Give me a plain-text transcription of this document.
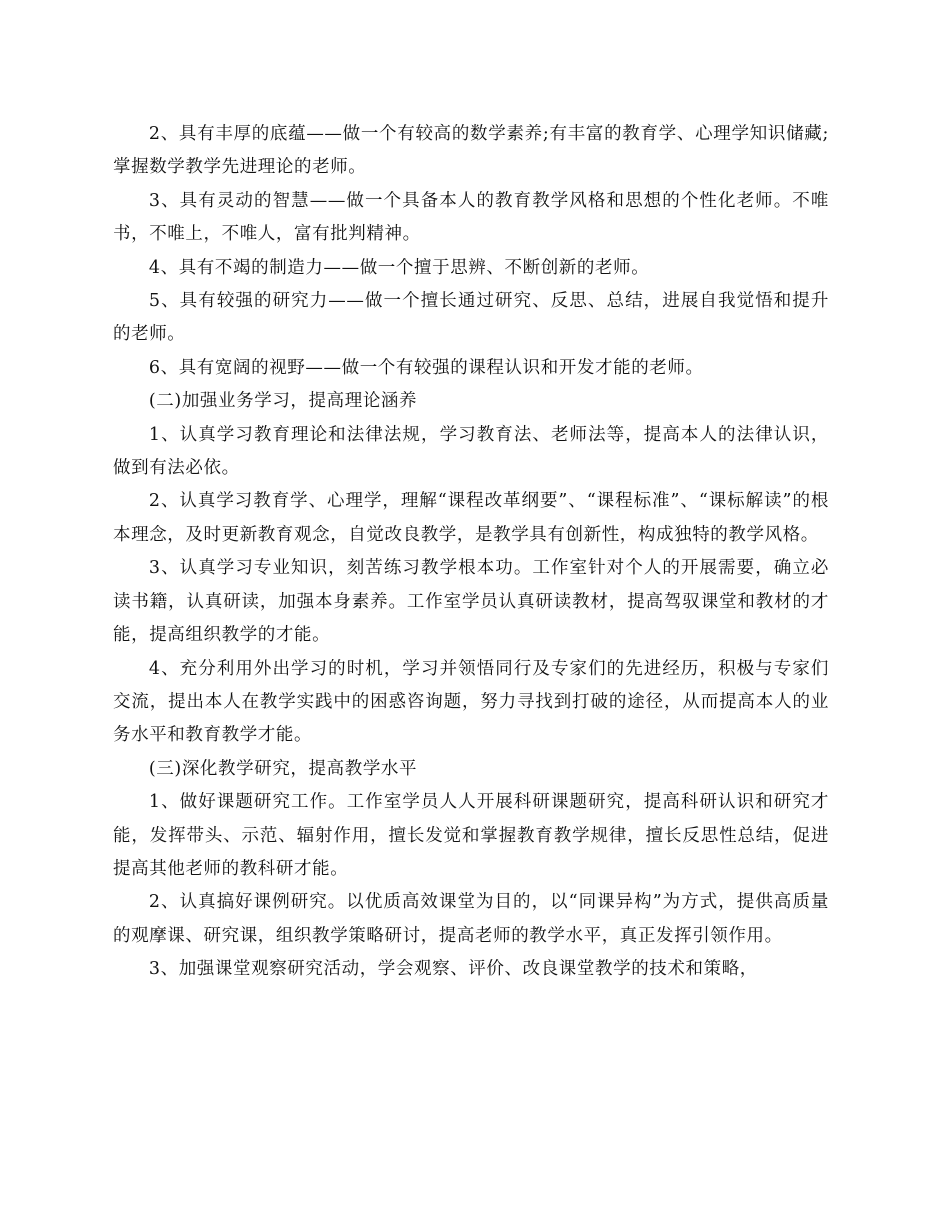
2、具有丰厚的底蕴——做一个有较高的数学素养;有丰富的教育学、心理学知识储藏;掌握数学教学先进理论的老师。

3、具有灵动的智慧——做一个具备本人的教育教学风格和思想的个性化老师。不唯书，不唯上，不唯人，富有批判精神。

4、具有不竭的制造力——做一个擅于思辨、不断创新的老师。

5、具有较强的研究力——做一个擅长通过研究、反思、总结，进展自我觉悟和提升的老师。

6、具有宽阔的视野——做一个有较强的课程认识和开发才能的老师。

(二)加强业务学习，提高理论涵养

1、认真学习教育理论和法律法规，学习教育法、老师法等，提高本人的法律认识，做到有法必依。

2、认真学习教育学、心理学，理解“课程改革纲要”、“课程标准”、“课标解读”的根本理念，及时更新教育观念，自觉改良教学，是教学具有创新性，构成独特的教学风格。

3、认真学习专业知识，刻苦练习教学根本功。工作室针对个人的开展需要，确立必读书籍，认真研读，加强本身素养。工作室学员认真研读教材，提高驾驭课堂和教材的才能，提高组织教学的才能。

4、充分利用外出学习的时机，学习并领悟同行及专家们的先进经历，积极与专家们交流，提出本人在教学实践中的困惑咨询题，努力寻找到打破的途径，从而提高本人的业务水平和教育教学才能。

(三)深化教学研究，提高教学水平

1、做好课题研究工作。工作室学员人人开展科研课题研究，提高科研认识和研究才能，发挥带头、示范、辐射作用，擅长发觉和掌握教育教学规律，擅长反思性总结，促进提高其他老师的教科研才能。

2、认真搞好课例研究。以优质高效课堂为目的，以“同课异构”为方式，提供高质量的观摩课、研究课，组织教学策略研讨，提高老师的教学水平，真正发挥引领作用。

3、加强课堂观察研究活动，学会观察、评价、改良课堂教学的技术和策略，
